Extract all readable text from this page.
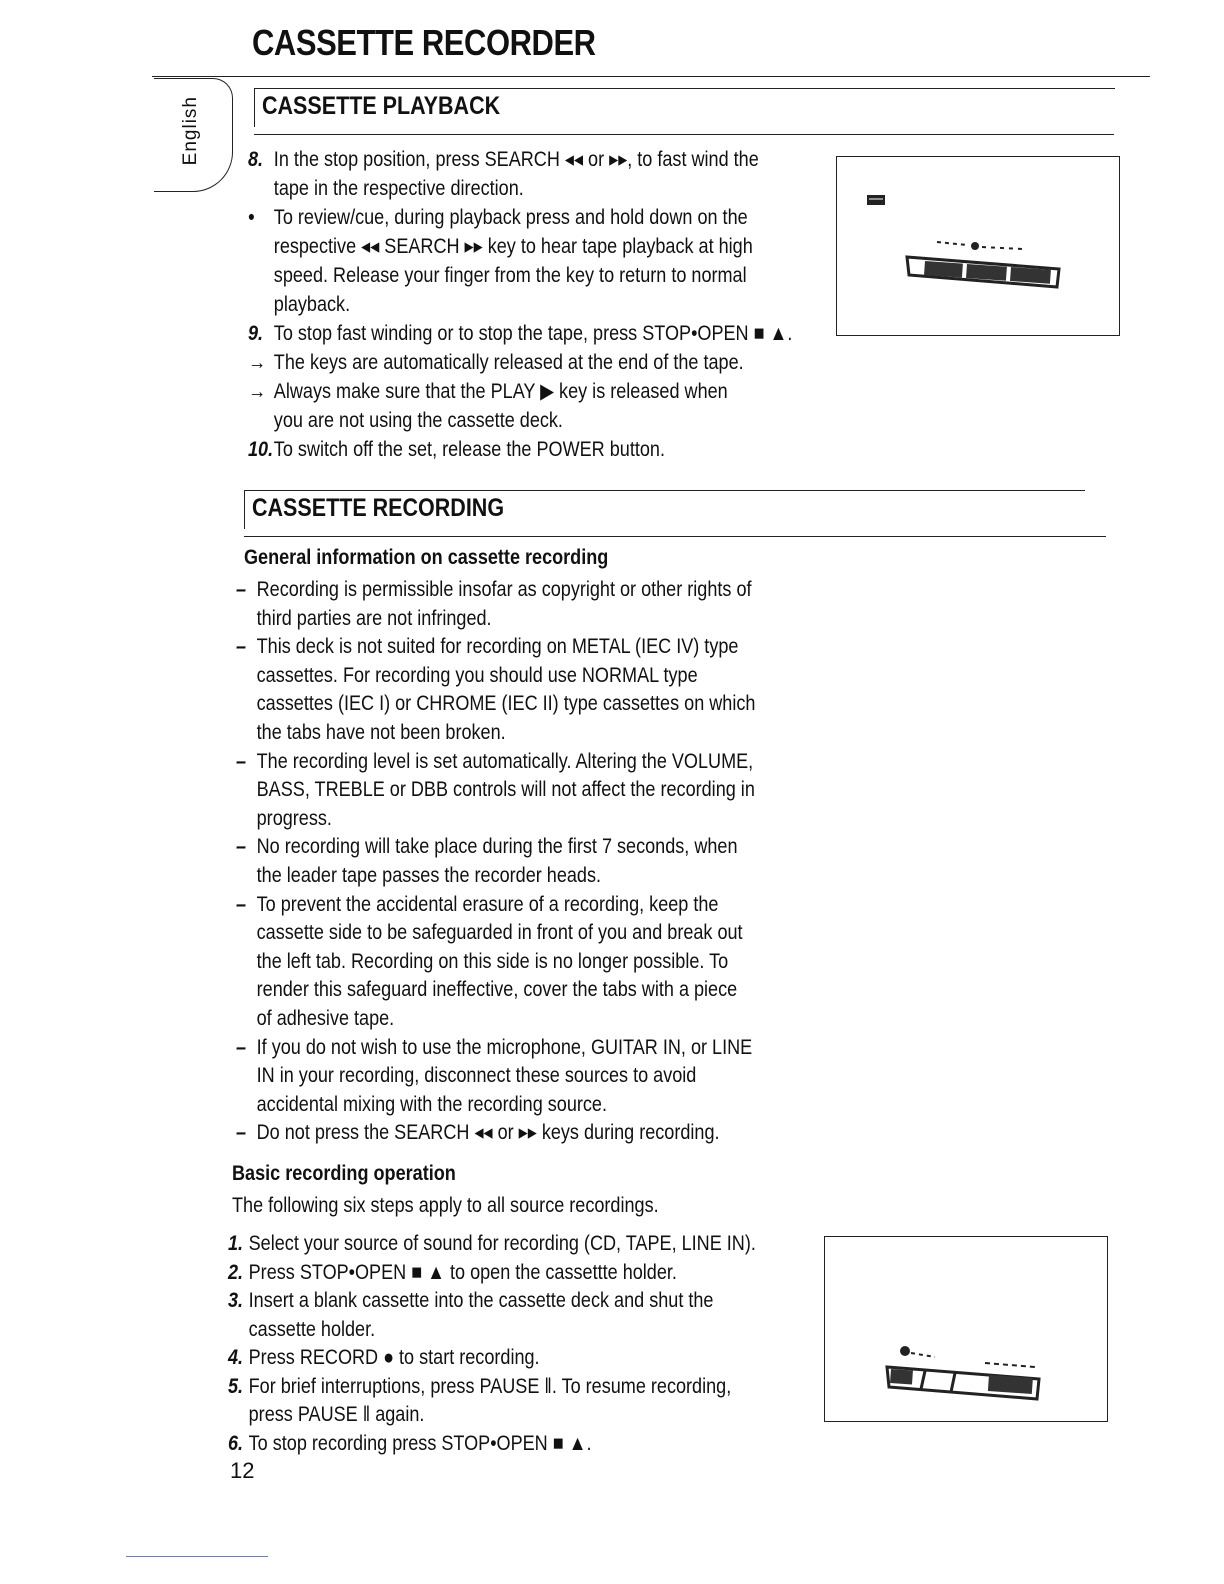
CASSETTE RECORDER
English CASSETTE PLAYBACK
8. In the stop position, press SEARCH ◂◂ or ▸▸, to fast wind the
tape in the respective direction.
• To review/cue, during playback press and hold down on the
respective ◂◂ SEARCH ▸▸ key to hear tape playback at high
speed. Release your finger from the key to return to normal
playback.
9. To stop fast winding or to stop the tape, press STOP•OPEN ■ ▲.
→ The keys are automatically released at the end of the tape.
→ Always make sure that the PLAY ▶ key is released when
you are not using the cassette deck.
10.To switch off the set, release the POWER button.
CASSETTE RECORDING
General information on cassette recording
– Recording is permissible insofar as copyright or other rights of
third parties are not infringed.
– This deck is not suited for recording on METAL (IEC IV) type
cassettes. For recording you should use NORMAL type
cassettes (IEC I) or CHROME (IEC II) type cassettes on which
the tabs have not been broken.
– The recording level is set automatically. Altering the VOLUME,
BASS, TREBLE or DBB controls will not affect the recording in
progress.
– No recording will take place during the first 7 seconds, when
the leader tape passes the recorder heads.
– To prevent the accidental erasure of a recording, keep the
cassette side to be safeguarded in front of you and break out
the left tab. Recording on this side is no longer possible. To
render this safeguard ineffective, cover the tabs with a piece
of adhesive tape.
– If you do not wish to use the microphone, GUITAR IN, or LINE
IN in your recording, disconnect these sources to avoid
accidental mixing with the recording source.
– Do not press the SEARCH ◂◂ or ▸▸ keys during recording.
Basic recording operation
The following six steps apply to all source recordings.
1. Select your source of sound for recording (CD, TAPE, LINE IN).
2. Press STOP•OPEN ■ ▲ to open the cassettte holder.
3. Insert a blank cassette into the cassette deck and shut the
cassette holder.
4. Press RECORD ● to start recording.
5. For brief interruptions, press PAUSE ‖. To resume recording,
press PAUSE ‖ again.
6. To stop recording press STOP•OPEN ■ ▲.
12
